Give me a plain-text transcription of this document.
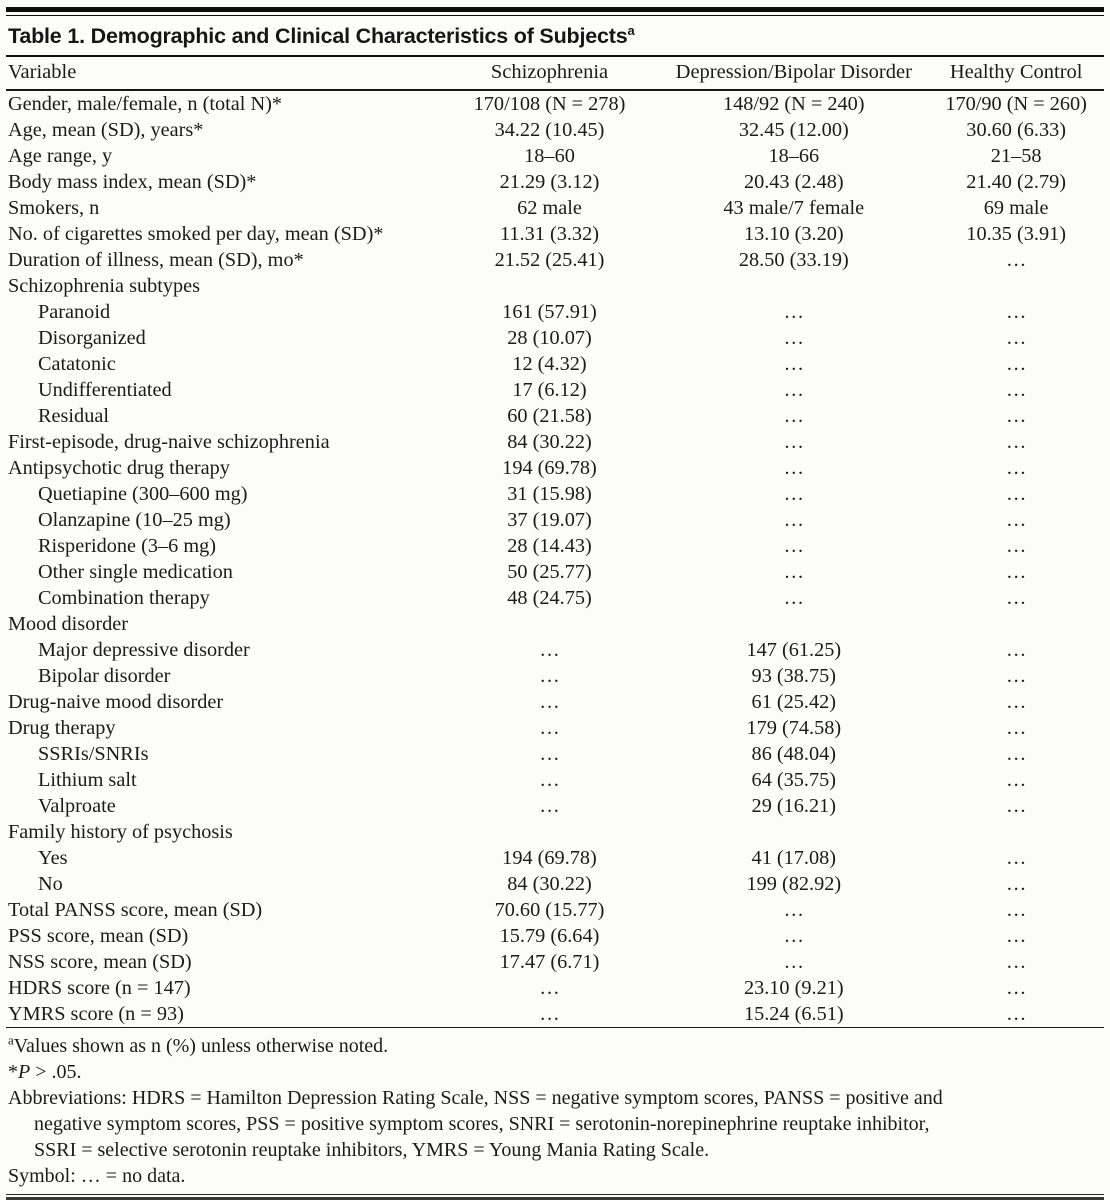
Table 1. Demographic and Clinical Characteristics of Subjects$^a$
Variable	Schizophrenia	Depression/Bipolar Disorder	Healthy Control
Gender, male/female, n (total N)*	170/108 (N = 278)	148/92 (N = 240)	170/90 (N = 260)
Age, mean (SD), years*	34.22 (10.45)	32.45 (12.00)	30.60 (6.33)
Age range, y	18–60	18–66	21–58
Body mass index, mean (SD)*	21.29 (3.12)	20.43 (2.48)	21.40 (2.79)
Smokers, n	62 male	43 male/7 female	69 male
No. of cigarettes smoked per day, mean (SD)*	11.31 (3.32)	13.10 (3.20)	10.35 (3.91)
Duration of illness, mean (SD), mo*	21.52 (25.41)	28.50 (33.19)	…
Schizophrenia subtypes			
Paranoid	161 (57.91)	…	…
Disorganized	28 (10.07)	…	…
Catatonic	12 (4.32)	…	…
Undifferentiated	17 (6.12)	…	…
Residual	60 (21.58)	…	…
First-episode, drug-naive schizophrenia	84 (30.22)	…	…
Antipsychotic drug therapy	194 (69.78)	…	…
Quetiapine (300–600 mg)	31 (15.98)	…	…
Olanzapine (10–25 mg)	37 (19.07)	…	…
Risperidone (3–6 mg)	28 (14.43)	…	…
Other single medication	50 (25.77)	…	…
Combination therapy	48 (24.75)	…	…
Mood disorder			
Major depressive disorder	…	147 (61.25)	…
Bipolar disorder	…	93 (38.75)	…
Drug-naive mood disorder	…	61 (25.42)	…
Drug therapy	…	179 (74.58)	…
SSRIs/SNRIs	…	86 (48.04)	…
Lithium salt	…	64 (35.75)	…
Valproate	…	29 (16.21)	…
Family history of psychosis			
Yes	194 (69.78)	41 (17.08)	…
No	84 (30.22)	199 (82.92)	…
Total PANSS score, mean (SD)	70.60 (15.77)	…	…
PSS score, mean (SD)	15.79 (6.64)	…	…
NSS score, mean (SD)	17.47 (6.71)	…	…
HDRS score (n = 147)	…	23.10 (9.21)	…
YMRS score (n = 93)	…	15.24 (6.51)	…
$^a$Values shown as n (%) unless otherwise noted.
*P > .05.
Abbreviations: HDRS = Hamilton Depression Rating Scale, NSS = negative symptom scores, PANSS = positive and
negative symptom scores, PSS = positive symptom scores, SNRI = serotonin-norepinephrine reuptake inhibitor,
SSRI = selective serotonin reuptake inhibitors, YMRS = Young Mania Rating Scale.
Symbol: … = no data.
